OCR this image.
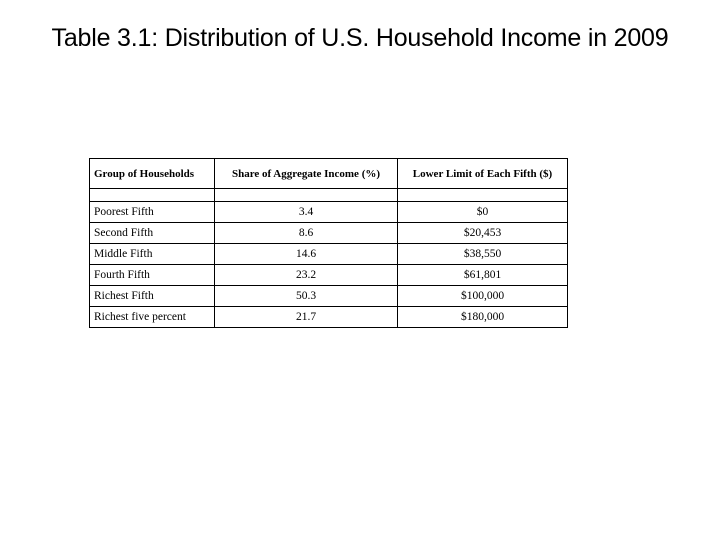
Table 3.1: Distribution of U.S. Household Income in 2009
Group of Households	Share of Aggregate Income (%)	Lower Limit of Each Fifth ($)

Poorest Fifth	3.4	$0
Second Fifth	8.6	$20,453
Middle Fifth	14.6	$38,550
Fourth Fifth	23.2	$61,801
Richest Fifth	50.3	$100,000
Richest five percent	21.7	$180,000
